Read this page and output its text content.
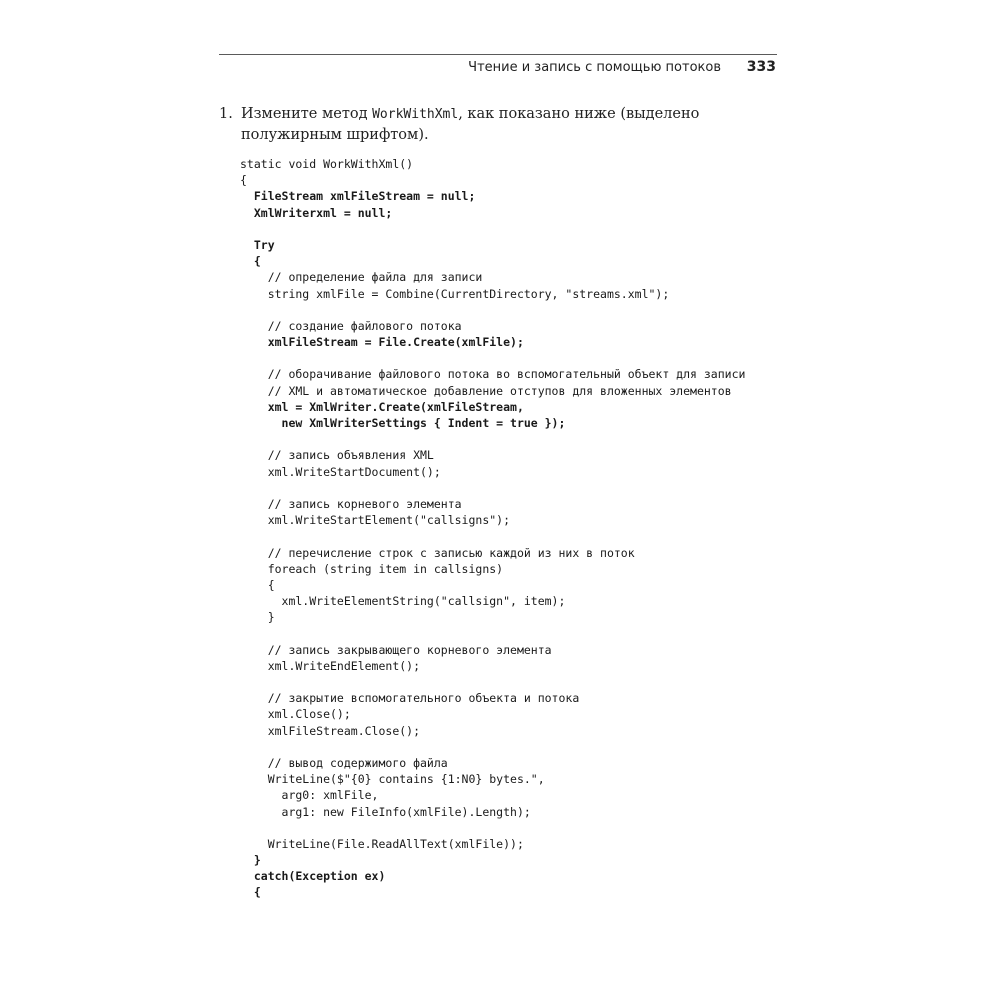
Чтение и запись с помощью потоков 333
1. Измените метод WorkWithXml, как показано ниже (выделено полужирным шрифтом).
static void WorkWithXml()
{
FileStream xmlFileStream = null;
XmlWriterxml = null;
Try
{
// определение файла для записи
string xmlFile = Combine(CurrentDirectory, "streams.xml");
// создание файлового потока
xmlFileStream = File.Create(xmlFile);
// оборачивание файлового потока во вспомогательный объект для записи
// XML и автоматическое добавление отступов для вложенных элементов
xml = XmlWriter.Create(xmlFileStream,
new XmlWriterSettings { Indent = true });
// запись объявления XML
xml.WriteStartDocument();
// запись корневого элемента
xml.WriteStartElement("callsigns");
// перечисление строк с записью каждой из них в поток
foreach (string item in callsigns)
{
xml.WriteElementString("callsign", item);
}
// запись закрывающего корневого элемента
xml.WriteEndElement();
// закрытие вспомогательного объекта и потока
xml.Close();
xmlFileStream.Close();
// вывод содержимого файла
WriteLine($"{0} contains {1:N0} bytes.",
arg0: xmlFile,
arg1: new FileInfo(xmlFile).Length);
WriteLine(File.ReadAllText(xmlFile));
}
catch(Exception ex)
{
